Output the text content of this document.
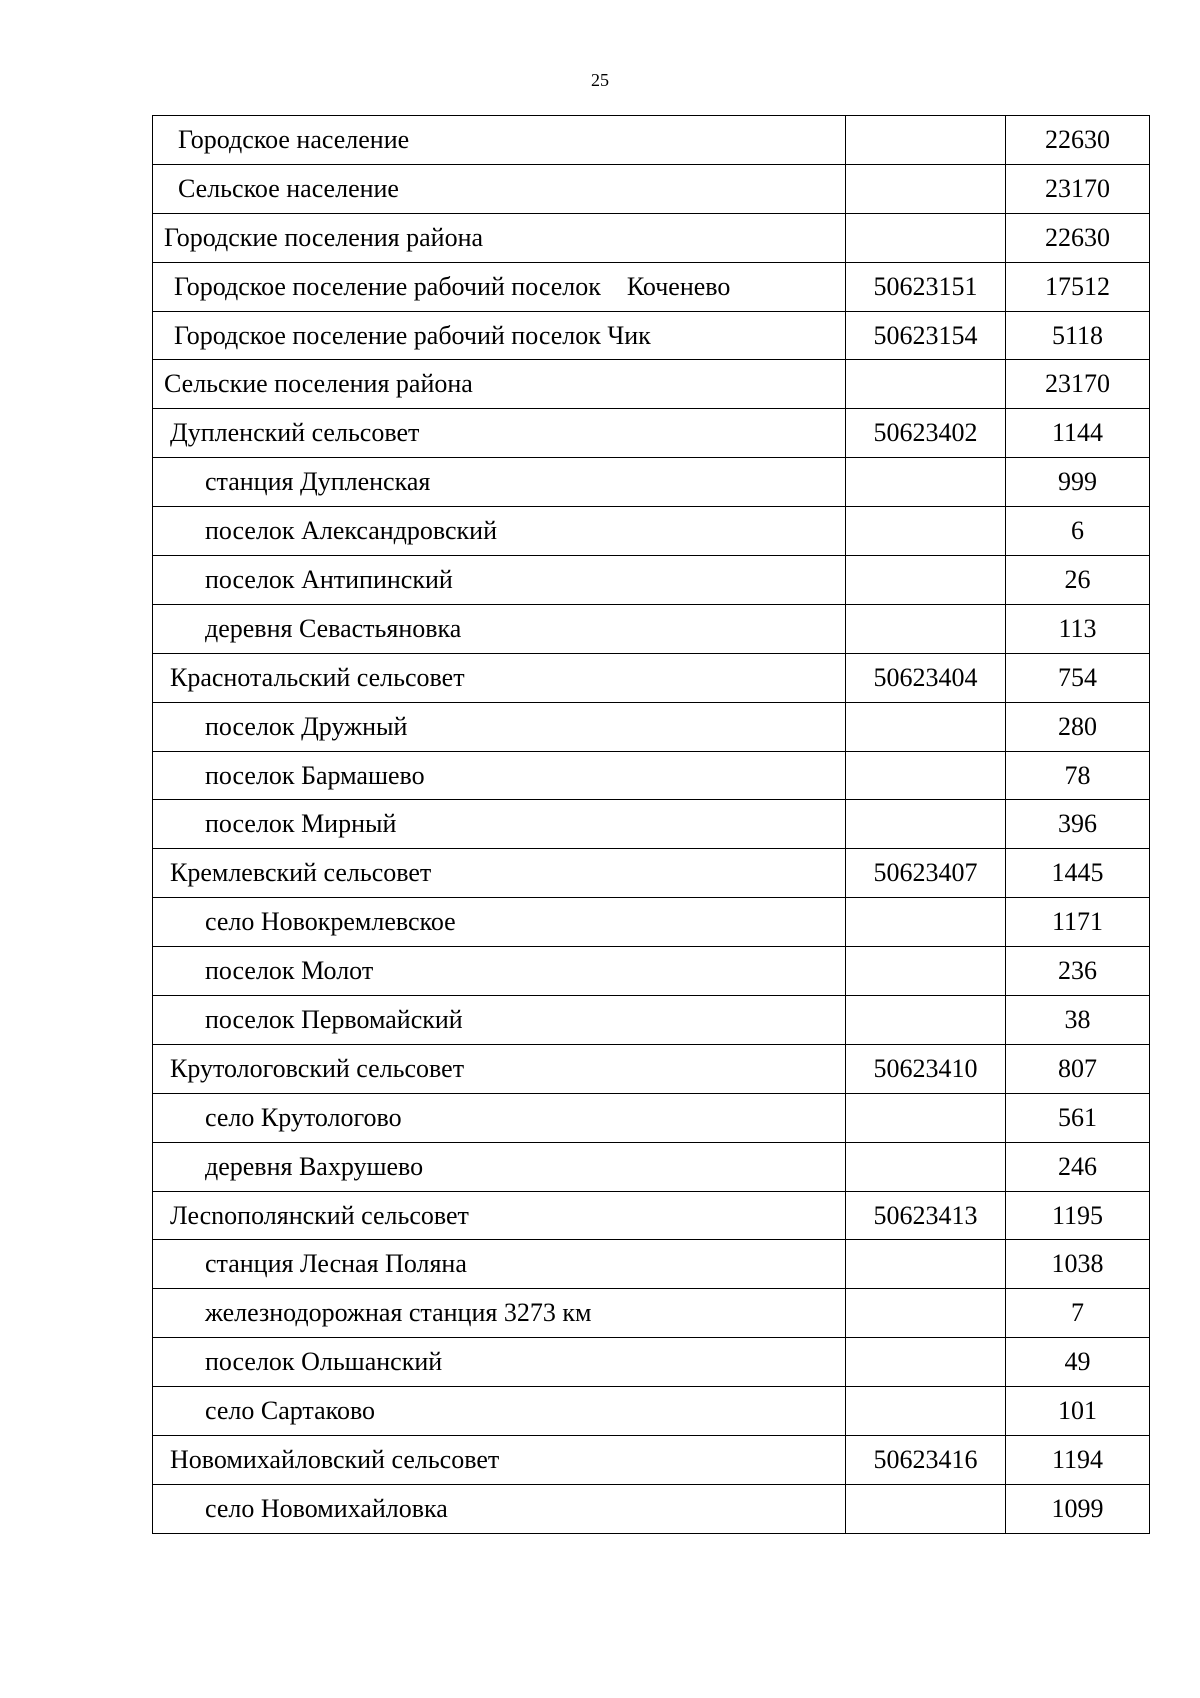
25
Городское население		22630
Сельское население		23170
Городские поселения района		22630
Городское поселение рабочий поселок    Коченево	50623151	17512
Городское поселение рабочий поселок Чик	50623154	5118
Сельские поселения района		23170
Дупленский сельсовет	50623402	1144
станция Дупленская		999
поселок Александровский		6
поселок Антипинский		26
деревня Севастьяновка		113
Краснотальский сельсовет	50623404	754
поселок Дружный		280
поселок Бармашево		78
поселок Мирный		396
Кремлевский сельсовет	50623407	1445
село Новокремлевское		1171
поселок Молот		236
поселок Первомайский		38
Крутологовский сельсовет	50623410	807
село Крутологово		561
деревня Вахрушево		246
Лесnoполянский сельсовет	50623413	1195
станция Лесная Поляна		1038
железнодорожная станция 3273 км		7
поселок Ольшанский		49
село Сартаково		101
Новомихайловский сельсовет	50623416	1194
село Новомихайловка		1099
